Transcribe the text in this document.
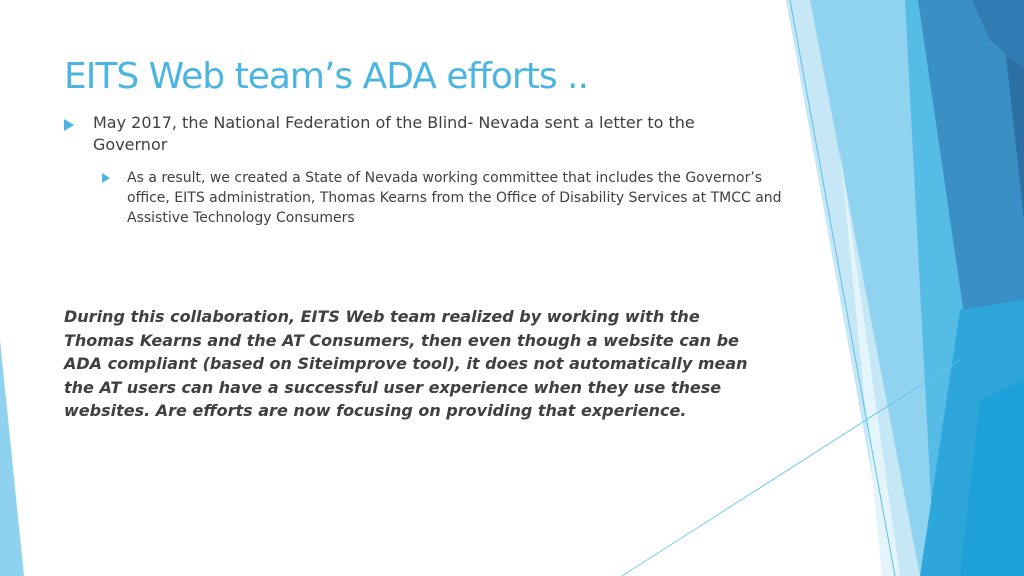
EITS Web team’s ADA efforts ..
May 2017, the National Federation of the Blind- Nevada sent a letter to the Governor
As a result, we created a State of Nevada working committee that includes the Governor’s office, EITS administration, Thomas Kearns from the Office of Disability Services at TMCC and Assistive Technology Consumers

During this collaboration, EITS Web team realized by working with the Thomas Kearns and the AT Consumers, then even though a website can be ADA compliant (based on Siteimprove tool), it does not automatically mean the AT users can have a successful user experience when they use these websites. Are efforts are now focusing on providing that experience.
